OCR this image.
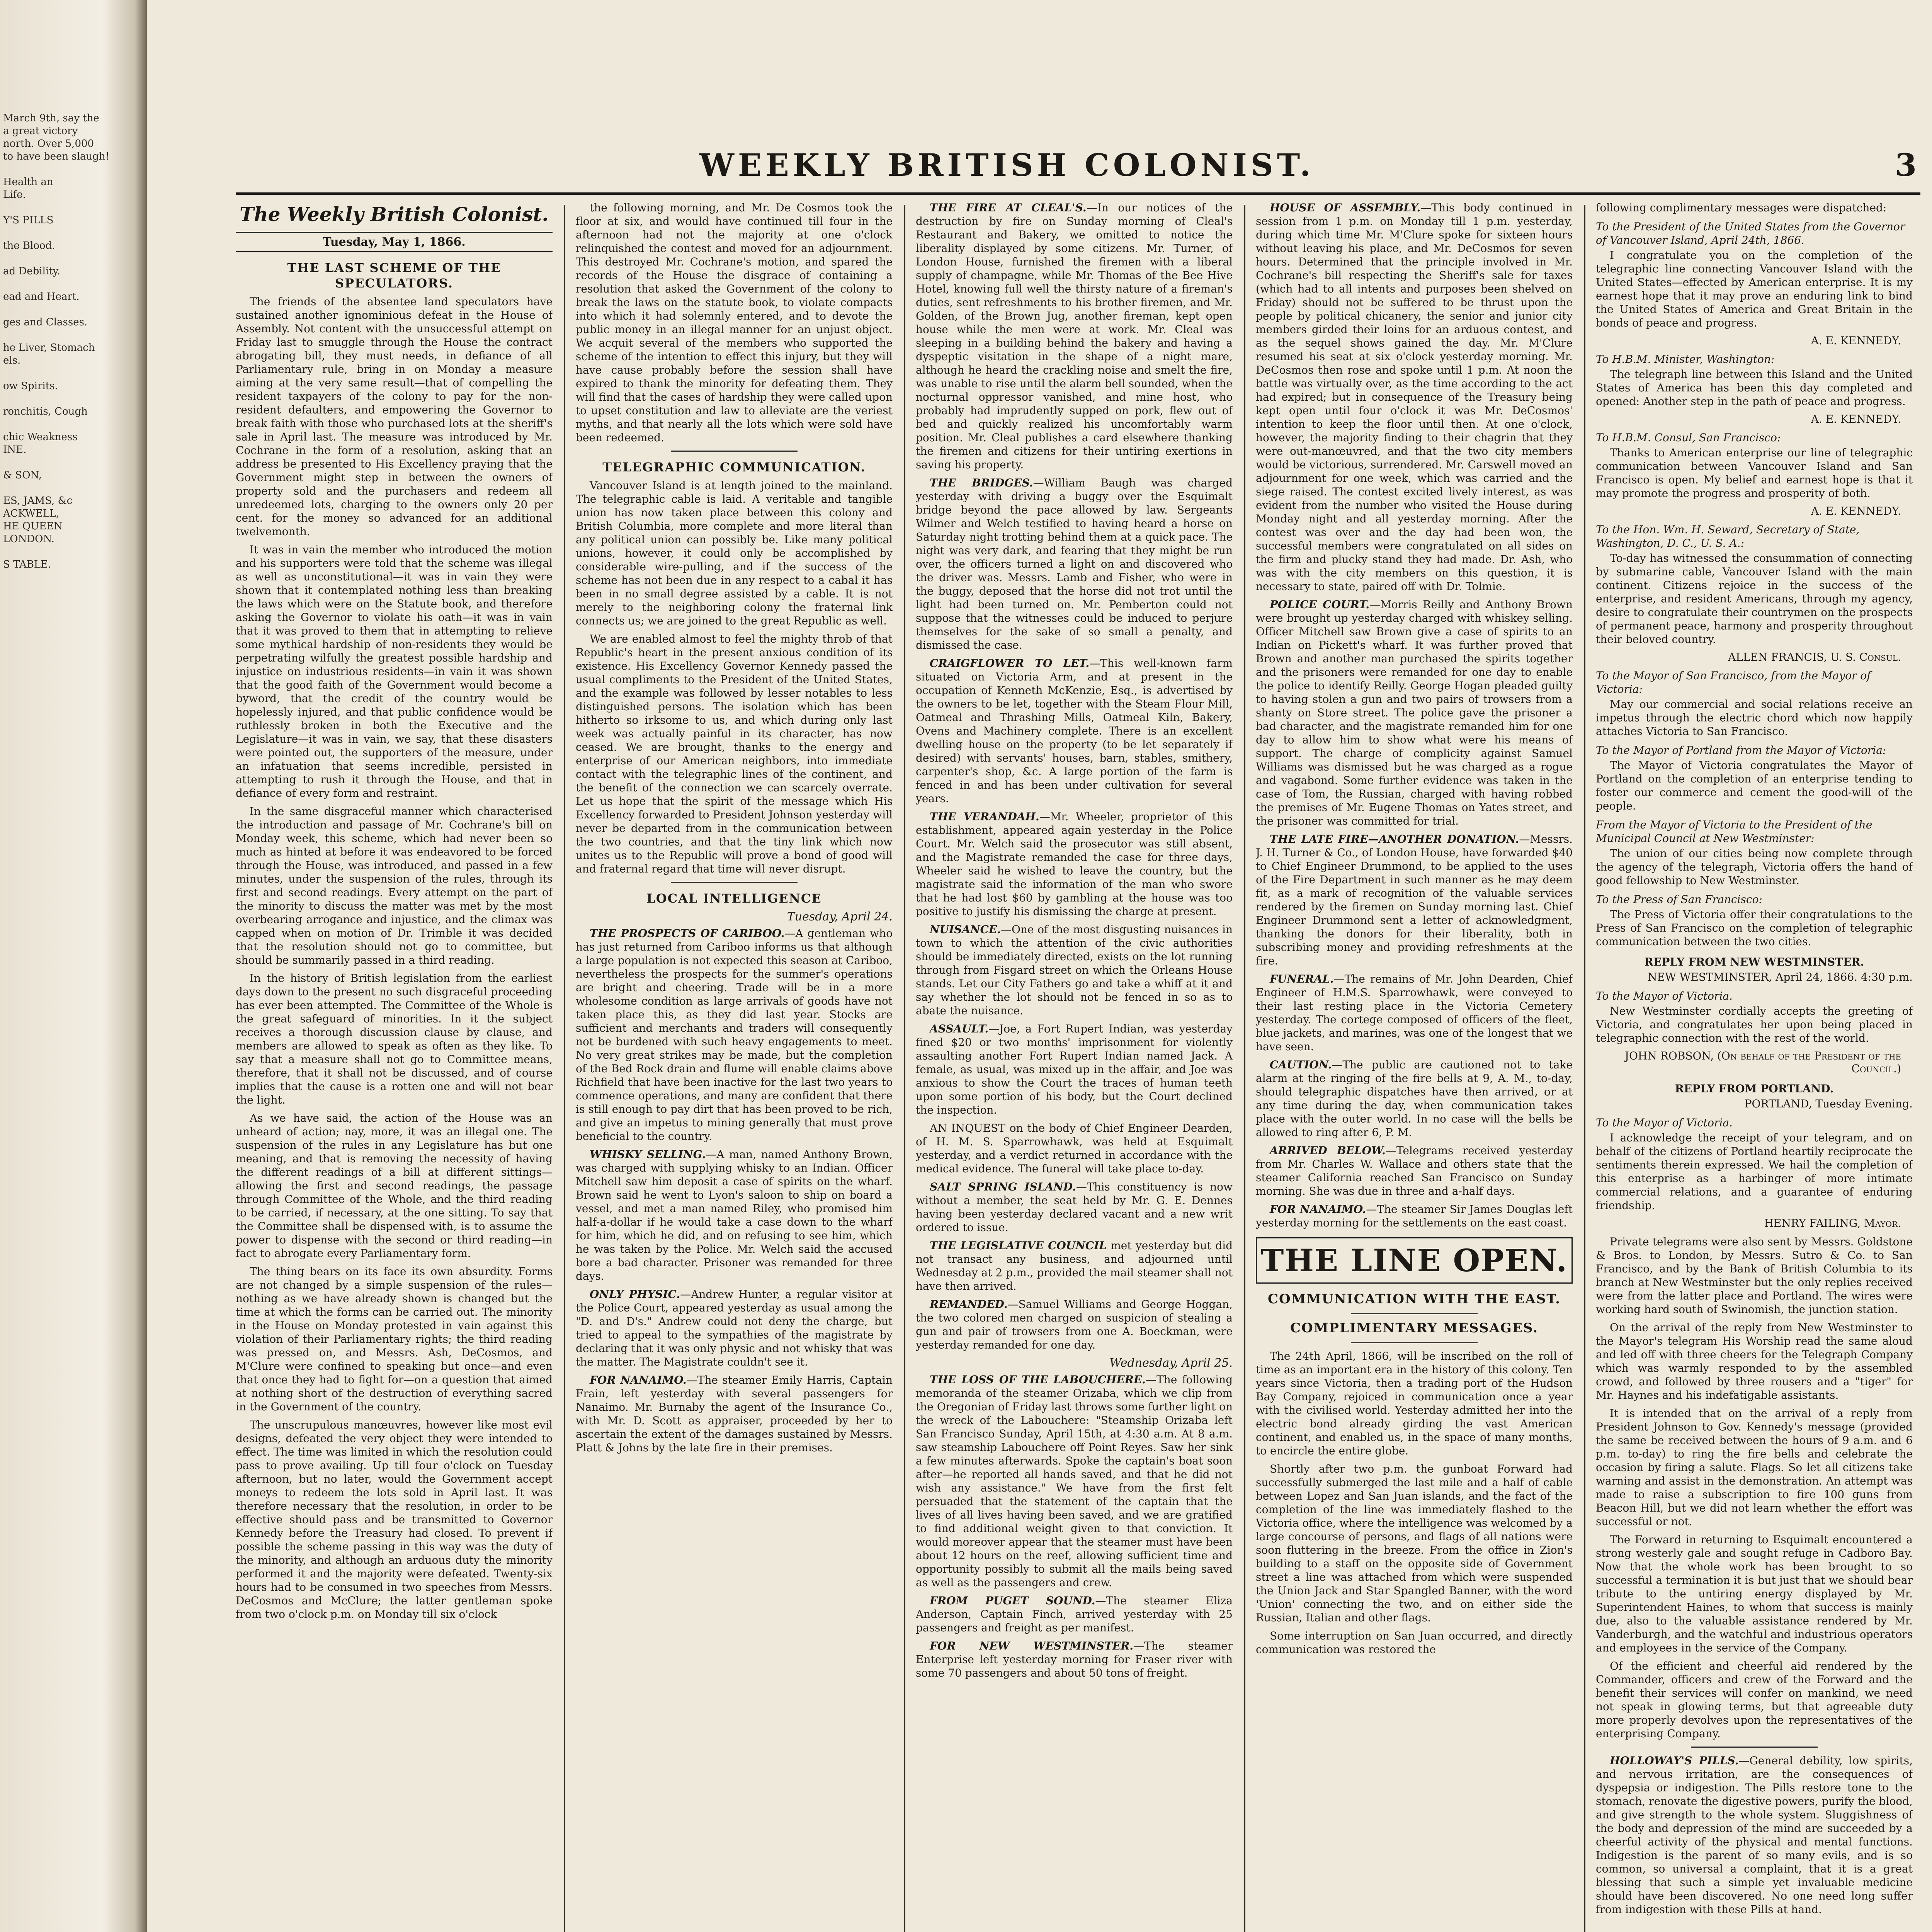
March 9th, say the
a great victory
north. Over 5,000
to have been slaugh!
Health an
Life.
Y'S PILLS
the Blood.
ad Debility.
ead and Heart.
ges and Classes.
he Liver, Stomach
els.
ow Spirits.
ronchitis, Cough
chic Weakness
INE.
& SON,
ES, JAMS, &c
ACKWELL,
HE QUEEN
LONDON.
S TABLE.
WEEKLY BRITISH COLONIST.	3
The Weekly British Colonist.
Tuesday, May 1, 1866.
THE LAST SCHEME OF THE SPECULATORS.

The friends of the absentee land speculators have sustained another ignominious defeat in the House of Assembly. Not content with the unsuccessful attempt on Friday last to smuggle through the House the contract abrogating bill, they must needs, in defiance of all Parliamentary rule, bring in on Monday a measure aiming at the very same result—that of compelling the resident taxpayers of the colony to pay for the non-resident defaulters, and empowering the Governor to break faith with those who purchased lots at the sheriff's sale in April last. The measure was introduced by Mr. Cochrane in the form of a resolution, asking that an address be presented to His Excellency praying that the Government might step in between the owners of property sold and the purchasers and redeem all unredeemed lots, charging to the owners only 20 per cent. for the money so advanced for an additional twelvemonth.

It was in vain the member who introduced the motion and his supporters were told that the scheme was illegal as well as unconstitutional—it was in vain they were shown that it contemplated nothing less than breaking the laws which were on the Statute book, and therefore asking the Governor to violate his oath—it was in vain that it was proved to them that in attempting to relieve some mythical hardship of non-residents they would be perpetrating wilfully the greatest possible hardship and injustice on industrious residents—in vain it was shown that the good faith of the Government would become a byword, that the credit of the country would be hopelessly injured, and that public confidence would be ruthlessly broken in both the Executive and the Legislature—it was in vain, we say, that these disasters were pointed out, the supporters of the measure, under an infatuation that seems incredible, persisted in attempting to rush it through the House, and that in defiance of every form and restraint.

In the same disgraceful manner which characterised the introduction and passage of Mr. Cochrane's bill on Monday week, this scheme, which had never been so much as hinted at before it was endeavored to be forced through the House, was introduced, and passed in a few minutes, under the suspension of the rules, through its first and second readings. Every attempt on the part of the minority to discuss the matter was met by the most overbearing arrogance and injustice, and the climax was capped when on motion of Dr. Trimble it was decided that the resolution should not go to committee, but should be summarily passed in a third reading.

In the history of British legislation from the earliest days down to the present no such disgraceful proceeding has ever been attempted. The Committee of the Whole is the great safeguard of minorities. In it the subject receives a thorough discussion clause by clause, and members are allowed to speak as often as they like. To say that a measure shall not go to Committee means, therefore, that it shall not be discussed, and of course implies that the cause is a rotten one and will not bear the light.

As we have said, the action of the House was an unheard of action; nay, more, it was an illegal one. The suspension of the rules in any Legislature has but one meaning, and that is removing the necessity of having the different readings of a bill at different sittings—allowing the first and second readings, the passage through Committee of the Whole, and the third reading to be carried, if necessary, at the one sitting. To say that the Committee shall be dispensed with, is to assume the power to dispense with the second or third reading—in fact to abrogate every Parliamentary form.

The thing bears on its face its own absurdity. Forms are not changed by a simple suspension of the rules—nothing as we have already shown is changed but the time at which the forms can be carried out. The minority in the House on Monday protested in vain against this violation of their Parliamentary rights; the third reading was pressed on, and Messrs. Ash, DeCosmos, and M'Clure were confined to speaking but once—and even that once they had to fight for—on a question that aimed at nothing short of the destruction of everything sacred in the Government of the country.

The unscrupulous manœuvres, however like most evil designs, defeated the very object they were intended to effect. The time was limited in which the resolution could pass to prove availing. Up till four o'clock on Tuesday afternoon, but no later, would the Government accept moneys to redeem the lots sold in April last. It was therefore necessary that the resolution, in order to be effective should pass and be transmitted to Governor Kennedy before the Treasury had closed. To prevent if possible the scheme passing in this way was the duty of the minority, and although an arduous duty the minority performed it and the majority were defeated. Twenty-six hours had to be consumed in two speeches from Messrs. DeCosmos and McClure; the latter gentleman spoke from two o'clock p.m. on Monday till six o'clock

the following morning, and Mr. De Cosmos took the floor at six, and would have continued till four in the afternoon had not the majority at one o'clock relinquished the contest and moved for an adjournment. This destroyed Mr. Cochrane's motion, and spared the records of the House the disgrace of containing a resolution that asked the Government of the colony to break the laws on the statute book, to violate compacts into which it had solemnly entered, and to devote the public money in an illegal manner for an unjust object. We acquit several of the members who supported the scheme of the intention to effect this injury, but they will have cause probably before the session shall have expired to thank the minority for defeating them. They will find that the cases of hardship they were called upon to upset constitution and law to alleviate are the veriest myths, and that nearly all the lots which were sold have been redeemed.

TELEGRAPHIC COMMUNICATION.

Vancouver Island is at length joined to the mainland. The telegraphic cable is laid. A veritable and tangible union has now taken place between this colony and British Columbia, more complete and more literal than any political union can possibly be. Like many political unions, however, it could only be accomplished by considerable wire-pulling, and if the success of the scheme has not been due in any respect to a cabal it has been in no small degree assisted by a cable. It is not merely to the neighboring colony the fraternal link connects us; we are joined to the great Republic as well.

We are enabled almost to feel the mighty throb of that Republic's heart in the present anxious condition of its existence. His Excellency Governor Kennedy passed the usual compliments to the President of the United States, and the example was followed by lesser notables to less distinguished persons. The isolation which has been hitherto so irksome to us, and which during only last week was actually painful in its character, has now ceased. We are brought, thanks to the energy and enterprise of our American neighbors, into immediate contact with the telegraphic lines of the continent, and the benefit of the connection we can scarcely overrate. Let us hope that the spirit of the message which His Excellency forwarded to President Johnson yesterday will never be departed from in the communication between the two countries, and that the tiny link which now unites us to the Republic will prove a bond of good will and fraternal regard that time will never disrupt.

LOCAL INTELLIGENCE
Tuesday, April 24.

THE PROSPECTS OF CARIBOO.—A gentleman who has just returned from Cariboo informs us that although a large population is not expected this season at Cariboo, nevertheless the prospects for the summer's operations are bright and cheering. Trade will be in a more wholesome condition as large arrivals of goods have not taken place this, as they did last year. Stocks are sufficient and merchants and traders will consequently not be burdened with such heavy engagements to meet. No very great strikes may be made, but the completion of the Bed Rock drain and flume will enable claims above Richfield that have been inactive for the last two years to commence operations, and many are confident that there is still enough to pay dirt that has been proved to be rich, and give an impetus to mining generally that must prove beneficial to the country.

WHISKY SELLING.—A man, named Anthony Brown, was charged with supplying whisky to an Indian. Officer Mitchell saw him deposit a case of spirits on the wharf. Brown said he went to Lyon's saloon to ship on board a vessel, and met a man named Riley, who promised him half-a-dollar if he would take a case down to the wharf for him, which he did, and on refusing to see him, which he was taken by the Police. Mr. Welch said the accused bore a bad character. Prisoner was remanded for three days.

ONLY PHYSIC.—Andrew Hunter, a regular visitor at the Police Court, appeared yesterday as usual among the "D. and D's." Andrew could not deny the charge, but tried to appeal to the sympathies of the magistrate by declaring that it was only physic and not whisky that was the matter. The Magistrate couldn't see it.

FOR NANAIMO.—The steamer Emily Harris, Captain Frain, left yesterday with several passengers for Nanaimo. Mr. Burnaby the agent of the Insurance Co., with Mr. D. Scott as appraiser, proceeded by her to ascertain the extent of the damages sustained by Messrs. Platt & Johns by the late fire in their premises.

THE FIRE AT CLEAL'S.—In our notices of the destruction by fire on Sunday morning of Cleal's Restaurant and Bakery, we omitted to notice the liberality displayed by some citizens. Mr. Turner, of London House, furnished the firemen with a liberal supply of champagne, while Mr. Thomas of the Bee Hive Hotel, knowing full well the thirsty nature of a fireman's duties, sent refreshments to his brother firemen, and Mr. Golden, of the Brown Jug, another fireman, kept open house while the men were at work. Mr. Cleal was sleeping in a building behind the bakery and having a dyspeptic visitation in the shape of a night mare, although he heard the crackling noise and smelt the fire, was unable to rise until the alarm bell sounded, when the nocturnal oppressor vanished, and mine host, who probably had imprudently supped on pork, flew out of bed and quickly realized his uncomfortably warm position. Mr. Cleal publishes a card elsewhere thanking the firemen and citizens for their untiring exertions in saving his property.

THE BRIDGES.—William Baugh was charged yesterday with driving a buggy over the Esquimalt bridge beyond the pace allowed by law. Sergeants Wilmer and Welch testified to having heard a horse on Saturday night trotting behind them at a quick pace. The night was very dark, and fearing that they might be run over, the officers turned a light on and discovered who the driver was. Messrs. Lamb and Fisher, who were in the buggy, deposed that the horse did not trot until the light had been turned on. Mr. Pemberton could not suppose that the witnesses could be induced to perjure themselves for the sake of so small a penalty, and dismissed the case.

CRAIGFLOWER TO LET.—This well-known farm situated on Victoria Arm, and at present in the occupation of Kenneth McKenzie, Esq., is advertised by the owners to be let, together with the Steam Flour Mill, Oatmeal and Thrashing Mills, Oatmeal Kiln, Bakery, Ovens and Machinery complete. There is an excellent dwelling house on the property (to be let separately if desired) with servants' houses, barn, stables, smithery, carpenter's shop, &c. A large portion of the farm is fenced in and has been under cultivation for several years.

THE VERANDAH.—Mr. Wheeler, proprietor of this establishment, appeared again yesterday in the Police Court. Mr. Welch said the prosecutor was still absent, and the Magistrate remanded the case for three days, Wheeler said he wished to leave the country, but the magistrate said the information of the man who swore that he had lost $60 by gambling at the house was too positive to justify his dismissing the charge at present.

NUISANCE.—One of the most disgusting nuisances in town to which the attention of the civic authorities should be immediately directed, exists on the lot running through from Fisgard street on which the Orleans House stands. Let our City Fathers go and take a whiff at it and say whether the lot should not be fenced in so as to abate the nuisance.

ASSAULT.—Joe, a Fort Rupert Indian, was yesterday fined $20 or two months' imprisonment for violently assaulting another Fort Rupert Indian named Jack. A female, as usual, was mixed up in the affair, and Joe was anxious to show the Court the traces of human teeth upon some portion of his body, but the Court declined the inspection.

AN INQUEST on the body of Chief Engineer Dearden, of H. M. S. Sparrowhawk, was held at Esquimalt yesterday, and a verdict returned in accordance with the medical evidence. The funeral will take place to-day.

SALT SPRING ISLAND.—This constituency is now without a member, the seat held by Mr. G. E. Dennes having been yesterday declared vacant and a new writ ordered to issue.

THE LEGISLATIVE COUNCIL met yesterday but did not transact any business, and adjourned until Wednesday at 2 p.m., provided the mail steamer shall not have then arrived.

REMANDED.—Samuel Williams and George Hoggan, the two colored men charged on suspicion of stealing a gun and pair of trowsers from one A. Boeckman, were yesterday remanded for one day.

Wednesday, April 25.

THE LOSS OF THE LABOUCHERE.—The following memoranda of the steamer Orizaba, which we clip from the Oregonian of Friday last throws some further light on the wreck of the Labouchere: "Steamship Orizaba left San Francisco Sunday, April 15th, at 4:30 a.m. At 8 a.m. saw steamship Labouchere off Point Reyes. Saw her sink a few minutes afterwards. Spoke the captain's boat soon after—he reported all hands saved, and that he did not wish any assistance." We have from the first felt persuaded that the statement of the captain that the lives of all lives having been saved, and we are gratified to find additional weight given to that conviction. It would moreover appear that the steamer must have been about 12 hours on the reef, allowing sufficient time and opportunity possibly to submit all the mails being saved as well as the passengers and crew.

FROM PUGET SOUND.—The steamer Eliza Anderson, Captain Finch, arrived yesterday with 25 passengers and freight as per manifest.

FOR NEW WESTMINSTER.—The steamer Enterprise left yesterday morning for Fraser river with some 70 passengers and about 50 tons of freight.

HOUSE OF ASSEMBLY.—This body continued in session from 1 p.m. on Monday till 1 p.m. yesterday, during which time Mr. M'Clure spoke for sixteen hours without leaving his place, and Mr. DeCosmos for seven hours. Determined that the principle involved in Mr. Cochrane's bill respecting the Sheriff's sale for taxes (which had to all intents and purposes been shelved on Friday) should not be suffered to be thrust upon the people by political chicanery, the senior and junior city members girded their loins for an arduous contest, and as the sequel shows gained the day. Mr. M'Clure resumed his seat at six o'clock yesterday morning. Mr. DeCosmos then rose and spoke until 1 p.m. At noon the battle was virtually over, as the time according to the act had expired; but in consequence of the Treasury being kept open until four o'clock it was Mr. DeCosmos' intention to keep the floor until then. At one o'clock, however, the majority finding to their chagrin that they were out-manœuvred, and that the two city members would be victorious, surrendered. Mr. Carswell moved an adjournment for one week, which was carried and the siege raised. The contest excited lively interest, as was evident from the number who visited the House during Monday night and all yesterday morning. After the contest was over and the day had been won, the successful members were congratulated on all sides on the firm and plucky stand they had made. Dr. Ash, who was with the city members on this question, it is necessary to state, paired off with Dr. Tolmie.

POLICE COURT.—Morris Reilly and Anthony Brown were brought up yesterday charged with whiskey selling. Officer Mitchell saw Brown give a case of spirits to an Indian on Pickett's wharf. It was further proved that Brown and another man purchased the spirits together and the prisoners were remanded for one day to enable the police to identify Reilly. George Hogan pleaded guilty to having stolen a gun and two pairs of trowsers from a shanty on Store street. The police gave the prisoner a bad character, and the magistrate remanded him for one day to allow him to show what were his means of support. The charge of complicity against Samuel Williams was dismissed but he was charged as a rogue and vagabond. Some further evidence was taken in the case of Tom, the Russian, charged with having robbed the premises of Mr. Eugene Thomas on Yates street, and the prisoner was committed for trial.

THE LATE FIRE—ANOTHER DONATION.—Messrs. J. H. Turner & Co., of London House, have forwarded $40 to Chief Engineer Drummond, to be applied to the uses of the Fire Department in such manner as he may deem fit, as a mark of recognition of the valuable services rendered by the firemen on Sunday morning last. Chief Engineer Drummond sent a letter of acknowledgment, thanking the donors for their liberality, both in subscribing money and providing refreshments at the fire.

FUNERAL.—The remains of Mr. John Dearden, Chief Engineer of H.M.S. Sparrowhawk, were conveyed to their last resting place in the Victoria Cemetery yesterday. The cortege composed of officers of the fleet, blue jackets, and marines, was one of the longest that we have seen.

CAUTION.—The public are cautioned not to take alarm at the ringing of the fire bells at 9, A. M., to-day, should telegraphic dispatches have then arrived, or at any time during the day, when communication takes place with the outer world. In no case will the bells be allowed to ring after 6, P. M.

ARRIVED BELOW.—Telegrams received yesterday from Mr. Charles W. Wallace and others state that the steamer California reached San Francisco on Sunday morning. She was due in three and a-half days.

FOR NANAIMO.—The steamer Sir James Douglas left yesterday morning for the settlements on the east coast.

THE LINE OPEN.
COMMUNICATION WITH THE EAST.
COMPLIMENTARY MESSAGES.

The 24th April, 1866, will be inscribed on the roll of time as an important era in the history of this colony. Ten years since Victoria, then a trading port of the Hudson Bay Company, rejoiced in communication once a year with the civilised world. Yesterday admitted her into the electric bond already girding the vast American continent, and enabled us, in the space of many months, to encircle the entire globe.

Shortly after two p.m. the gunboat Forward had successfully submerged the last mile and a half of cable between Lopez and San Juan islands, and the fact of the completion of the line was immediately flashed to the Victoria office, where the intelligence was welcomed by a large concourse of persons, and flags of all nations were soon fluttering in the breeze. From the office in Zion's building to a staff on the opposite side of Government street a line was attached from which were suspended the Union Jack and Star Spangled Banner, with the word 'Union' connecting the two, and on either side the Russian, Italian and other flags.

Some interruption on San Juan occurred, and directly communication was restored the

following complimentary messages were dispatched:

To the President of the United States from the Governor of Vancouver Island, April 24th, 1866.

I congratulate you on the completion of the telegraphic line connecting Vancouver Island with the United States—effected by American enterprise. It is my earnest hope that it may prove an enduring link to bind the United States of America and Great Britain in the bonds of peace and progress.

A. E. KENNEDY.
To H.B.M. Minister, Washington:

The telegraph line between this Island and the United States of America has been this day completed and opened: Another step in the path of peace and progress.

A. E. KENNEDY.
To H.B.M. Consul, San Francisco:

Thanks to American enterprise our line of telegraphic communication between Vancouver Island and San Francisco is open. My belief and earnest hope is that it may promote the progress and prosperity of both.

A. E. KENNEDY.
To the Hon. Wm. H. Seward, Secretary of State, Washington, D. C., U. S. A.:

To-day has witnessed the consummation of connecting by submarine cable, Vancouver Island with the main continent. Citizens rejoice in the success of the enterprise, and resident Americans, through my agency, desire to congratulate their countrymen on the prospects of permanent peace, harmony and prosperity throughout their beloved country.

ALLEN FRANCIS, U. S. Consul.
To the Mayor of San Francisco, from the Mayor of Victoria:

May our commercial and social relations receive an impetus through the electric chord which now happily attaches Victoria to San Francisco.

To the Mayor of Portland from the Mayor of Victoria:

The Mayor of Victoria congratulates the Mayor of Portland on the completion of an enterprise tending to foster our commerce and cement the good-will of the people.

From the Mayor of Victoria to the President of the Municipal Council at New Westminster:

The union of our cities being now complete through the agency of the telegraph, Victoria offers the hand of good fellowship to New Westminster.

To the Press of San Francisco:

The Press of Victoria offer their congratulations to the Press of San Francisco on the completion of telegraphic communication between the two cities.

REPLY FROM NEW WESTMINSTER.
NEW WESTMINSTER, April 24, 1866. 4:30 p.m.
To the Mayor of Victoria.

New Westminster cordially accepts the greeting of Victoria, and congratulates her upon being placed in telegraphic connection with the rest of the world.

JOHN ROBSON, (On behalf of the President of the Council.)
REPLY FROM PORTLAND.
PORTLAND, Tuesday Evening.
To the Mayor of Victoria.

I acknowledge the receipt of your telegram, and on behalf of the citizens of Portland heartily reciprocate the sentiments therein expressed. We hail the completion of this enterprise as a harbinger of more intimate commercial relations, and a guarantee of enduring friendship.

HENRY FAILING, Mayor.

Private telegrams were also sent by Messrs. Goldstone & Bros. to London, by Messrs. Sutro & Co. to San Francisco, and by the Bank of British Columbia to its branch at New Westminster but the only replies received were from the latter place and Portland. The wires were working hard south of Swinomish, the junction station.

On the arrival of the reply from New Westminster to the Mayor's telegram His Worship read the same aloud and led off with three cheers for the Telegraph Company which was warmly responded to by the assembled crowd, and followed by three rousers and a "tiger" for Mr. Haynes and his indefatigable assistants.

It is intended that on the arrival of a reply from President Johnson to Gov. Kennedy's message (provided the same be received between the hours of 9 a.m. and 6 p.m. to-day) to ring the fire bells and celebrate the occasion by firing a salute. Flags. So let all citizens take warning and assist in the demonstration. An attempt was made to raise a subscription to fire 100 guns from Beacon Hill, but we did not learn whether the effort was successful or not.

The Forward in returning to Esquimalt encountered a strong westerly gale and sought refuge in Cadboro Bay. Now that the whole work has been brought to so successful a termination it is but just that we should bear tribute to the untiring energy displayed by Mr. Superintendent Haines, to whom that success is mainly due, also to the valuable assistance rendered by Mr. Vanderburgh, and the watchful and industrious operators and employees in the service of the Company.

Of the efficient and cheerful aid rendered by the Commander, officers and crew of the Forward and the benefit their services will confer on mankind, we need not speak in glowing terms, but that agreeable duty more properly devolves upon the representatives of the enterprising Company.

HOLLOWAY'S PILLS.—General debility, low spirits, and nervous irritation, are the consequences of dyspepsia or indigestion. The Pills restore tone to the stomach, renovate the digestive powers, purify the blood, and give strength to the whole system. Sluggishness of the body and depression of the mind are succeeded by a cheerful activity of the physical and mental functions. Indigestion is the parent of so many evils, and is so common, so universal a complaint, that it is a great blessing that such a simple yet invaluable medicine should have been discovered. No one need long suffer from indigestion with these Pills at hand.
